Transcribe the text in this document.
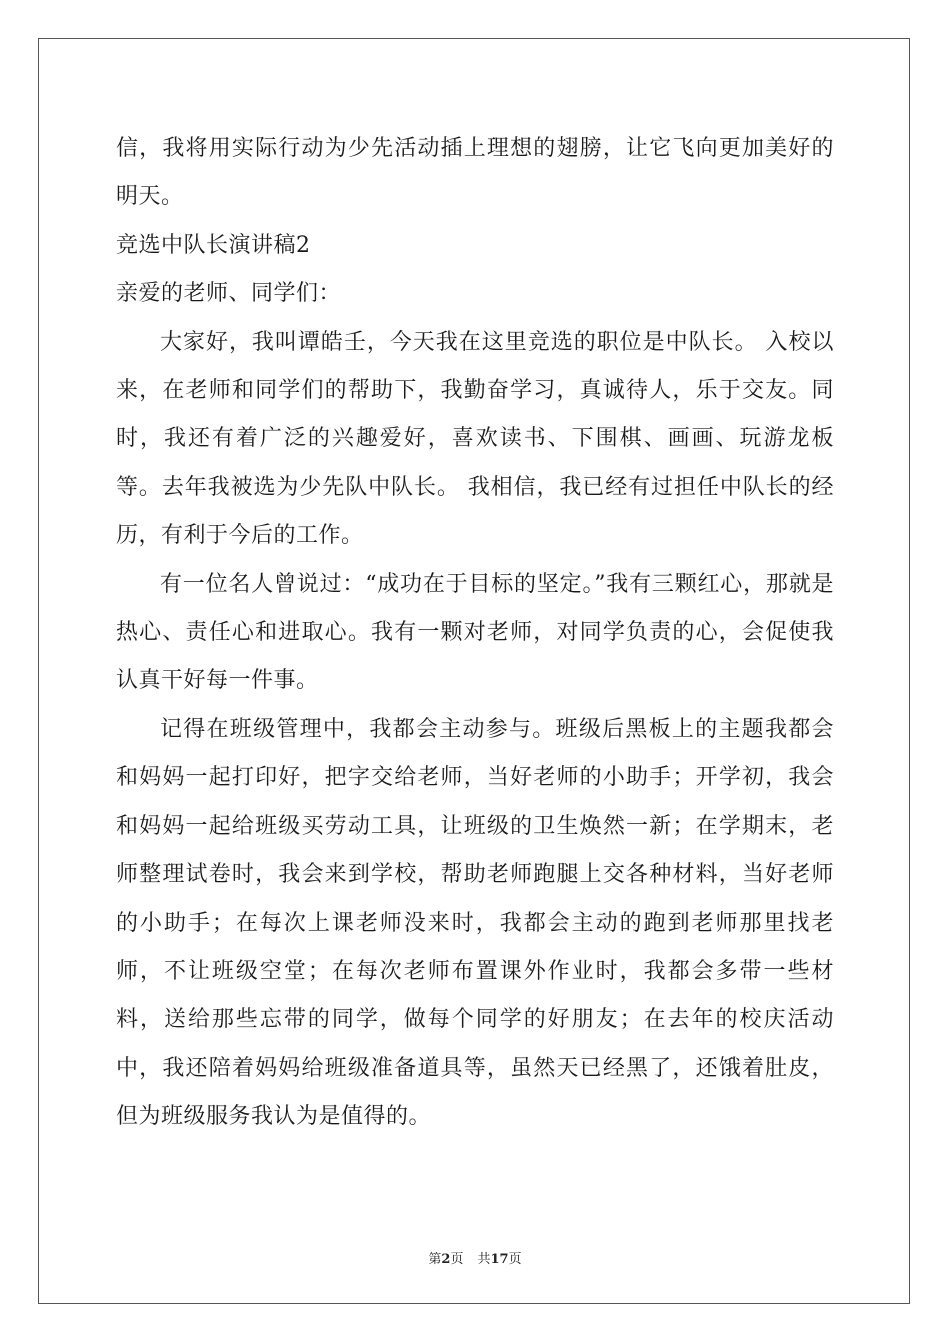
信，我将用实际行动为少先活动插上理想的翅膀，让它飞向更加美好的明天。

竞选中队长演讲稿2

亲爱的老师、同学们：

大家好，我叫谭皓壬，今天我在这里竞选的职位是中队长。 入校以来，在老师和同学们的帮助下，我勤奋学习，真诚待人，乐于交友。同时，我还有着广泛的兴趣爱好，喜欢读书、下围棋、画画、玩游龙板等。去年我被选为少先队中队长。 我相信，我已经有过担任中队长的经历，有利于今后的工作。

有一位名人曾说过：“成功在于目标的坚定。”我有三颗红心，那就是热心、责任心和进取心。我有一颗对老师，对同学负责的心，会促使我认真干好每一件事。

记得在班级管理中，我都会主动参与。班级后黑板上的主题我都会和妈妈一起打印好，把字交给老师，当好老师的小助手；开学初，我会和妈妈一起给班级买劳动工具，让班级的卫生焕然一新；在学期末，老师整理试卷时，我会来到学校，帮助老师跑腿上交各种材料，当好老师的小助手；在每次上课老师没来时，我都会主动的跑到老师那里找老师，不让班级空堂；在每次老师布置课外作业时，我都会多带一些材料，送给那些忘带的同学，做每个同学的好朋友；在去年的校庆活动中，我还陪着妈妈给班级准备道具等，虽然天已经黑了，还饿着肚皮，但为班级服务我认为是值得的。

第2页 共17页
